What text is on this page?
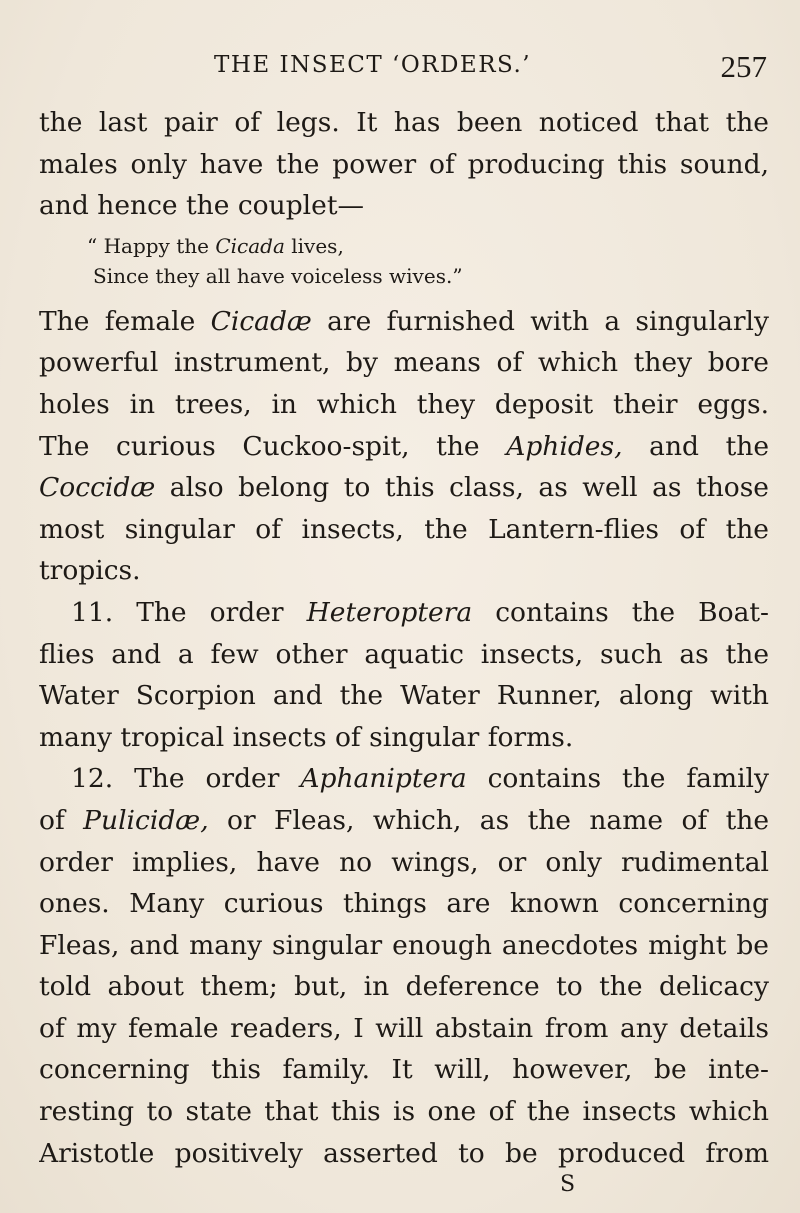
THE INSECT ‘ORDERS.’	257
the last pair of legs. It has been noticed that the
males only have the power of producing this sound,
and hence the couplet—
“ Happy the Cicada lives,
Since they all have voiceless wives.”
The female Cicadæ are furnished with a singularly
powerful instrument, by means of which they bore
holes in trees, in which they deposit their eggs.
The curious Cuckoo-spit, the Aphides, and the
Coccidæ also belong to this class, as well as those
most singular of insects, the Lantern-flies of the
tropics.
11. The order Heteroptera contains the Boat-
flies and a few other aquatic insects, such as the
Water Scorpion and the Water Runner, along with
many tropical insects of singular forms.
12. The order Aphaniptera contains the family
of Pulicidæ, or Fleas, which, as the name of the
order implies, have no wings, or only rudimental
ones. Many curious things are known concerning
Fleas, and many singular enough anecdotes might be
told about them; but, in deference to the delicacy
of my female readers, I will abstain from any details
concerning this family. It will, however, be inte-
resting to state that this is one of the insects which
Aristotle positively asserted to be produced from
S
